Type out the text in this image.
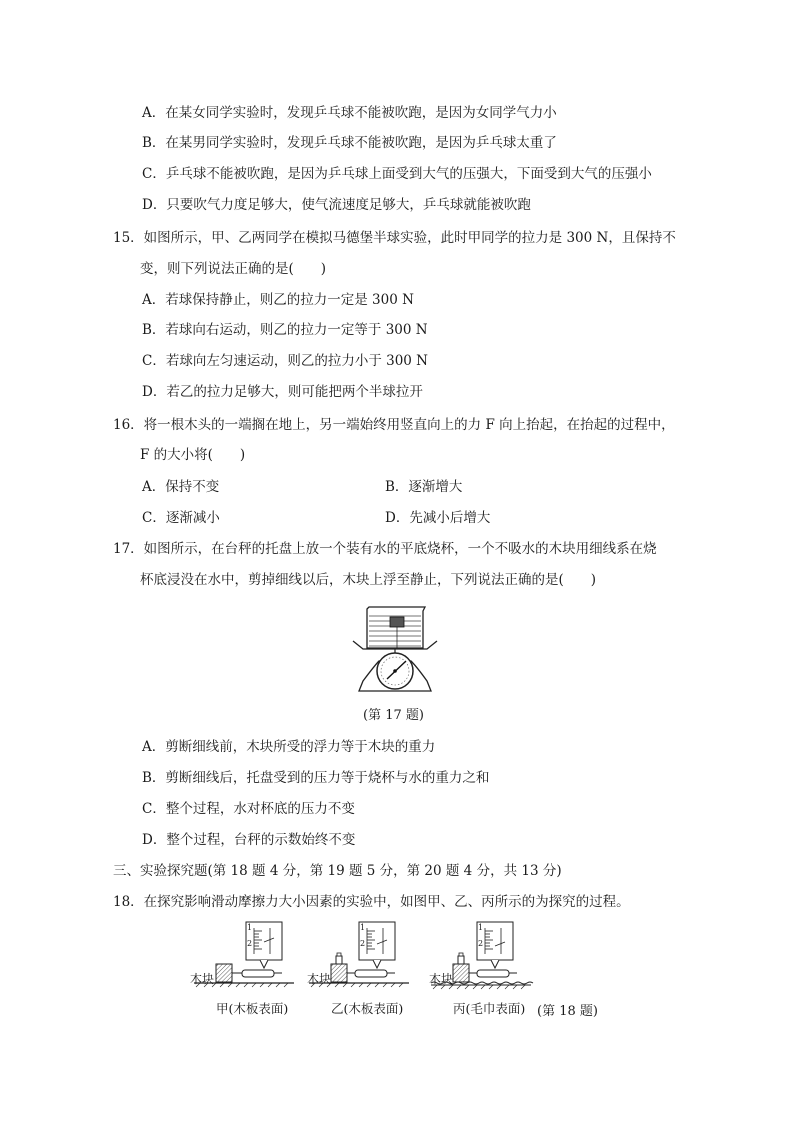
A．在某女同学实验时，发现乒乓球不能被吹跑，是因为女同学气力小
B．在某男同学实验时，发现乒乓球不能被吹跑，是因为乒乓球太重了
C．乒乓球不能被吹跑，是因为乒乓球上面受到大气的压强大，下面受到大气的压强小
D．只要吹气力度足够大，使气流速度足够大，乒乓球就能被吹跑
15．如图所示，甲、乙两同学在模拟马德堡半球实验，此时甲同学的拉力是 300 N，且保持不
变，则下列说法正确的是(　　)
A．若球保持静止，则乙的拉力一定是 300 N
B．若球向右运动，则乙的拉力一定等于 300 N
C．若球向左匀速运动，则乙的拉力小于 300 N
D．若乙的拉力足够大，则可能把两个半球拉开
16．将一根木头的一端搁在地上，另一端始终用竖直向上的力 F 向上抬起，在抬起的过程中，
F 的大小将(　　)
A．保持不变	B．逐渐增大
C．逐渐减小	D．先减小后增大
17．如图所示，在台秤的托盘上放一个装有水的平底烧杯，一个不吸水的木块用细线系在烧
杯底浸没在水中，剪掉细线以后，木块上浮至静止，下列说法正确的是(　　)
(第 17 题)
A．剪断细线前，木块所受的浮力等于木块的重力
B．剪断细线后，托盘受到的压力等于烧杯与水的重力之和
C．整个过程，水对杯底的压力不变
D．整个过程，台秤的示数始终不变
三、实验探究题(第 18 题 4 分，第 19 题 5 分，第 20 题 4 分，共 13 分)
18．在探究影响滑动摩擦力大小因素的实验中，如图甲、乙、丙所示的为探究的过程。
1

2
木块
甲(木板表面)
1

2
木块
乙(木板表面)
1

2
木块
丙(毛巾表面) (第 18 题)
